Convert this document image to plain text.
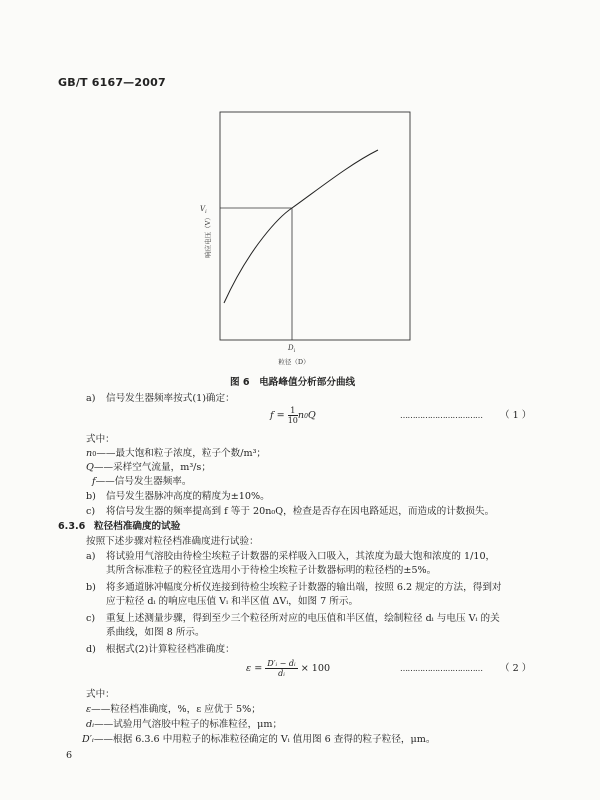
GB/T 6167—2007
$V_i$
$D_i$
响应电压（V）
粒径（D）
图 6　电路峰值分析部分曲线
a) 信号发生器频率按式(1)确定：
$f = \frac{1}{10} n0Q$	…………………………… （ 1 ）
式中：
n0——最大饱和粒子浓度，粒子个数/m³；
Q——采样空气流量，m³/s；
f——信号发生器频率。
b) 信号发生器脉冲高度的精度为±10%。
c) 将信号发生器的频率提高到 f 等于 20n₀Q，检查是否存在因电路延迟，而造成的计数损失。
6.3.6 粒径档准确度的试验
按照下述步骤对粒径档准确度进行试验：
a) 将试验用气溶胶由待检尘埃粒子计数器的采样吸入口吸入，其浓度为最大饱和浓度的 1/10，
其所含标准粒子的粒径宜选用小于待检尘埃粒子计数器标明的粒径档的±5%。
b) 将多通道脉冲幅度分析仪连接到待检尘埃粒子计数器的输出端，按照 6.2 规定的方法，得到对
应于粒径 dᵢ 的响应电压值 Vᵢ 和半区值 ΔVᵢ，如图 7 所示。
c) 重复上述测量步骤，得到至少三个粒径所对应的电压值和半区值，绘制粒径 dᵢ 与电压 Vᵢ 的关
系曲线，如图 8 所示。
d) 根据式(2)计算粒径档准确度：
$\varepsilon = \frac{\text{D′ᵢ − dᵢ}}{\text{dᵢ}} \times 100$	…………………………… （ 2 ）
式中：
ε——粒径档准确度，%，ε 应优于 5%；
dᵢ——试验用气溶胶中粒子的标准粒径，μm；
D′ᵢ——根据 6.3.6 中用粒子的标准粒径确定的 Vᵢ 值用图 6 查得的粒子粒径，μm。
6
